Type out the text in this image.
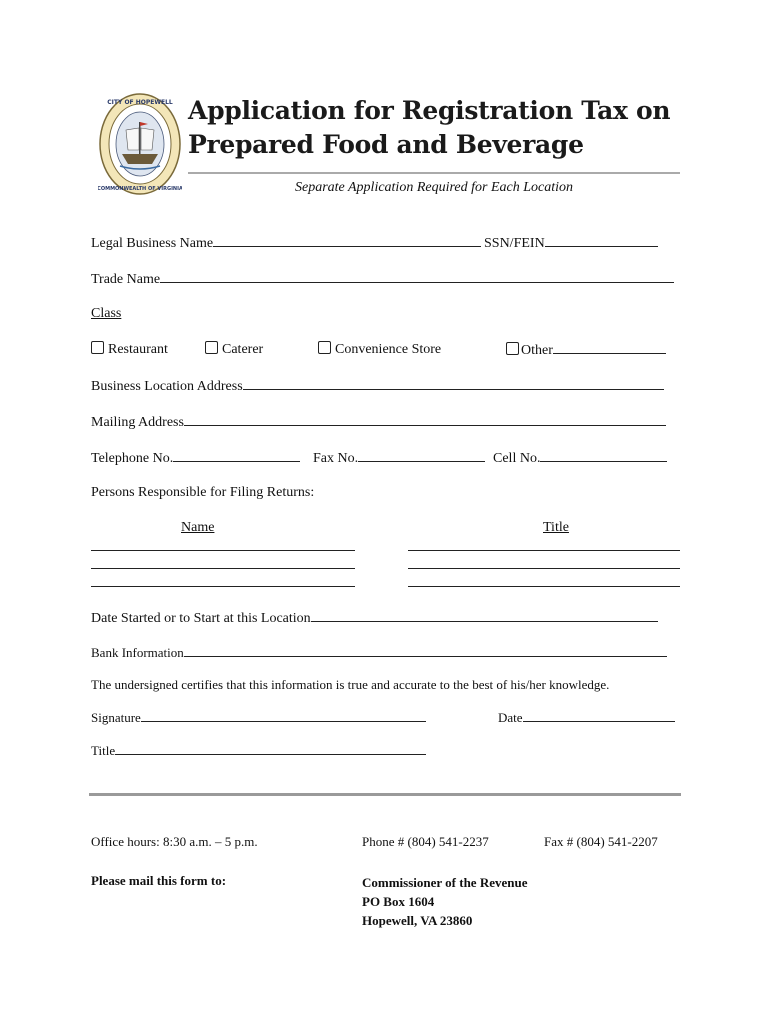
CITY OF HOPEWELL
COMMONWEALTH OF VIRGINIA
Application for Registration Tax on
Prepared Food and Beverage
Separate Application Required for Each Location
Legal Business Name	SSN/FEIN
Trade Name
Class
Restaurant	Caterer	Convenience Store	Other
Business Location Address
Mailing Address
Telephone No.	Fax No.	Cell No.
Persons Responsible for Filing Returns:
Name	Title
Date Started or to Start at this Location
Bank Information
The undersigned certifies that this information is true and accurate to the best of his/her knowledge.
Signature	Date
Title
Office hours: 8:30 a.m. – 5 p.m.	Phone # (804) 541-2237	Fax # (804) 541-2207
Please mail this form to:	Commissioner of the Revenue
PO Box 1604
Hopewell, VA 23860
